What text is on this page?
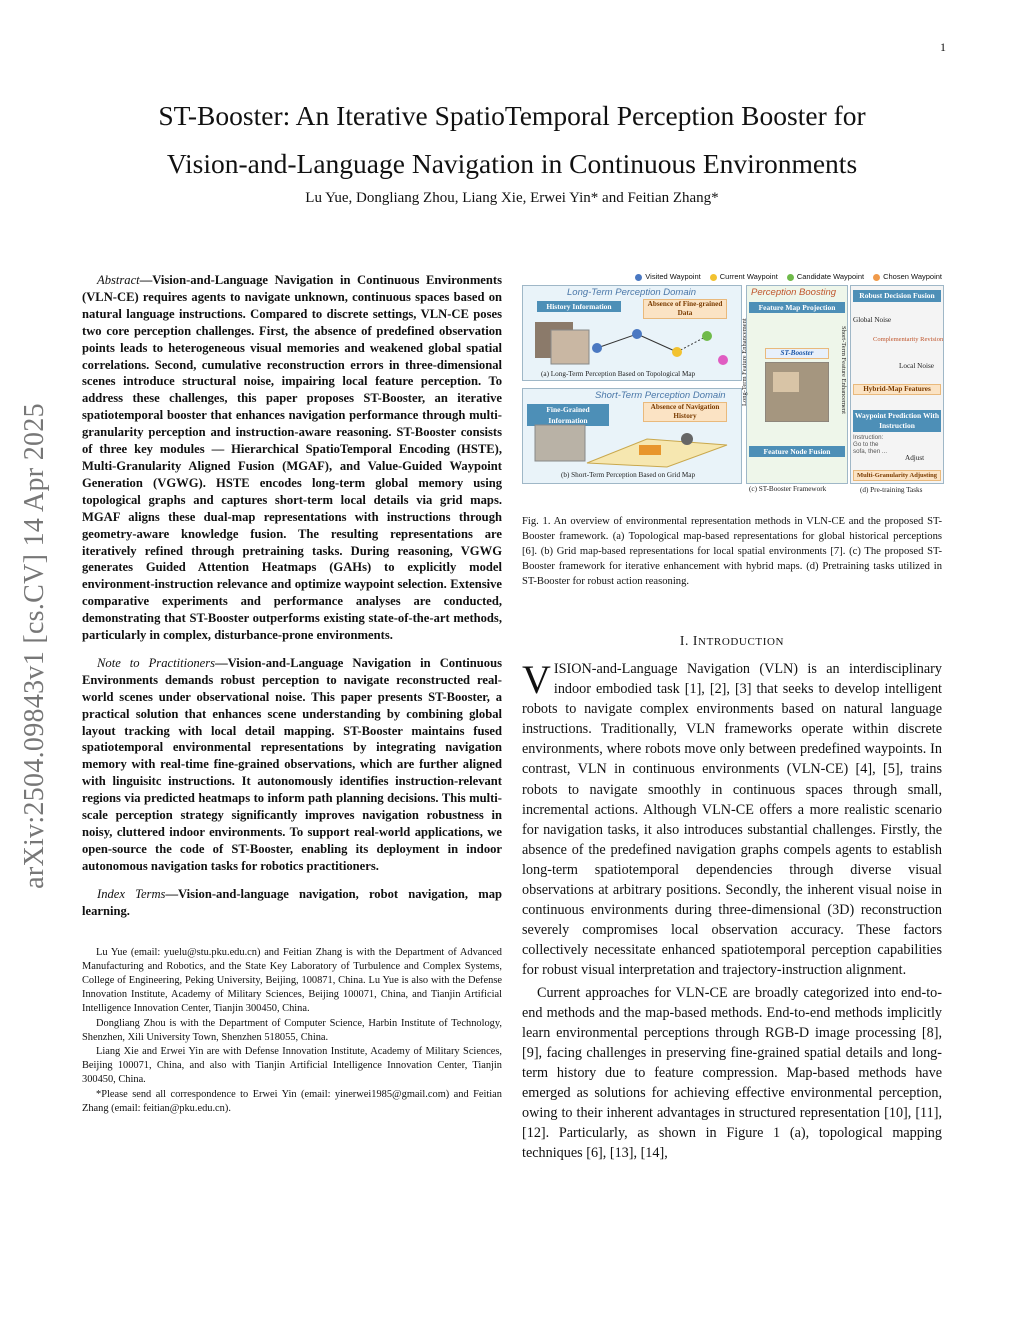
1
arXiv:2504.09843v1 [cs.CV] 14 Apr 2025
ST-Booster: An Iterative SpatioTemporal Perception Booster for
Vision-and-Language Navigation in Continuous Environments
Lu Yue, Dongliang Zhou, Liang Xie, Erwei Yin* and Feitian Zhang*

Abstract—Vision-and-Language Navigation in Continuous Environments (VLN-CE) requires agents to navigate unknown, continuous spaces based on natural language instructions. Compared to discrete settings, VLN-CE poses two core perception challenges. First, the absence of predefined observation points leads to heterogeneous visual memories and weakened global spatial correlations. Second, cumulative reconstruction errors in three-dimensional scenes introduce structural noise, impairing local feature perception. To address these challenges, this paper proposes ST-Booster, an iterative spatiotemporal booster that enhances navigation performance through multi-granularity perception and instruction-aware reasoning. ST-Booster consists of three key modules — Hierarchical SpatioTemporal Encoding (HSTE), Multi-Granularity Aligned Fusion (MGAF), and Value-Guided Waypoint Generation (VGWG). HSTE encodes long-term global memory using topological graphs and captures short-term local details via grid maps. MGAF aligns these dual-map representations with instructions through geometry-aware knowledge fusion. The resulting representations are iteratively refined through pretraining tasks. During reasoning, VGWG generates Guided Attention Heatmaps (GAHs) to explicitly model environment-instruction relevance and optimize waypoint selection. Extensive comparative experiments and performance analyses are conducted, demonstrating that ST-Booster outperforms existing state-of-the-art methods, particularly in complex, disturbance-prone environments.

Note to Practitioners—Vision-and-Language Navigation in Continuous Environments demands robust perception to navigate reconstructed real-world scenes under observational noise. This paper presents ST-Booster, a practical solution that enhances scene understanding by combining global layout tracking with local detail mapping. ST-Booster maintains fused spatiotemporal environmental representations by integrating navigation memory with real-time fine-grained observations, which are further aligned with linguisitc instructions. It autonomously identifies instruction-relevant regions via predicted heatmaps to inform path planning decisions. This multi-scale perception strategy significantly improves navigation robustness in noisy, cluttered indoor environments. To support real-world applications, we open-source the code of ST-Booster, enabling its deployment in indoor autonomous navigation tasks for robotics practitioners.

Index Terms—Vision-and-language navigation, robot navigation, map learning.

Lu Yue (email: yuelu@stu.pku.edu.cn) and Feitian Zhang is with the Department of Advanced Manufacturing and Robotics, and the State Key Laboratory of Turbulence and Complex Systems, College of Engineering, Peking University, Beijing, 100871, China. Lu Yue is also with the Defense Innovation Institute, Academy of Military Sciences, Beijing 100071, China, and Tianjin Artificial Intelligence Innovation Center, Tianjin 300450, China.

Dongliang Zhou is with the Department of Computer Science, Harbin Institute of Technology, Shenzhen, Xili University Town, Shenzhen 518055, China.

Liang Xie and Erwei Yin are with Defense Innovation Institute, Academy of Military Sciences, Beijing 100071, China, and also with Tianjin Artificial Intelligence Innovation Center, Tianjin 300450, China.

*Please send all correspondence to Erwei Yin (email: yinerwei1985@gmail.com) and Feitian Zhang (email: feitian@pku.edu.cn).

Visited Waypoint	Current Waypoint	Candidate Waypoint	Chosen Waypoint
Long-Term Perception Domain
History Information	Absence of Fine-grained Data
(a) Long-Term Perception Based on Topological Map
Short-Term Perception Domain
Fine-Grained Information
Absence of Navigation History
(b) Short-Term Perception Based on Grid Map
Perception Boosting
Feature Map Projection
Long-Term Feature Enhancement	ST-Booster	Short-Term Feature Enhancement
Feature Node Fusion
(c) ST-Booster Framework
Robust Decision Fusion
Global Noise
Complementarity Revision
Local Noise
Hybrid-Map Features
Waypoint Prediction With Instruction
Instruction: Go to the sofa, then ...
Adjust
Multi-Granularity Adjusting
(d) Pre-training Tasks
Fig. 1. An overview of environmental representation methods in VLN-CE and the proposed ST-Booster framework. (a) Topological map-based representations for global historical perceptions [6]. (b) Grid map-based representations for local spatial environments [7]. (c) The proposed ST-Booster framework for iterative enhancement with hybrid maps. (d) Pretraining tasks utilized in ST-Booster for robust action reasoning.
I. INTRODUCTION

VISION-and-Language Navigation (VLN) is an interdisciplinary indoor embodied task [1], [2], [3] that seeks to develop intelligent robots to navigate complex environments based on natural language instructions. Traditionally, VLN frameworks operate within discrete environments, where robots move only between predefined waypoints. In contrast, VLN in continuous environments (VLN-CE) [4], [5], trains robots to navigate smoothly in continuous spaces through small, incremental actions. Although VLN-CE offers a more realistic scenario for navigation tasks, it also introduces substantial challenges. Firstly, the absence of the predefined navigation graphs compels agents to establish long-term spatiotemporal dependencies through diverse visual observations at arbitrary positions. Secondly, the inherent visual noise in continuous environments during three-dimensional (3D) reconstruction severely compromises local observation accuracy. These factors collectively necessitate enhanced spatiotemporal perception capabilities for robust visual interpretation and trajectory-instruction alignment.

Current approaches for VLN-CE are broadly categorized into end-to-end methods and the map-based methods. End-to-end methods implicitly learn environmental perceptions through RGB-D image processing [8], [9], facing challenges in preserving fine-grained spatial details and long-term history due to feature compression. Map-based methods have emerged as solutions for achieving effective environmental perception, owing to their inherent advantages in structured representation [10], [11], [12]. Particularly, as shown in Figure 1 (a), topological mapping techniques [6], [13], [14],
